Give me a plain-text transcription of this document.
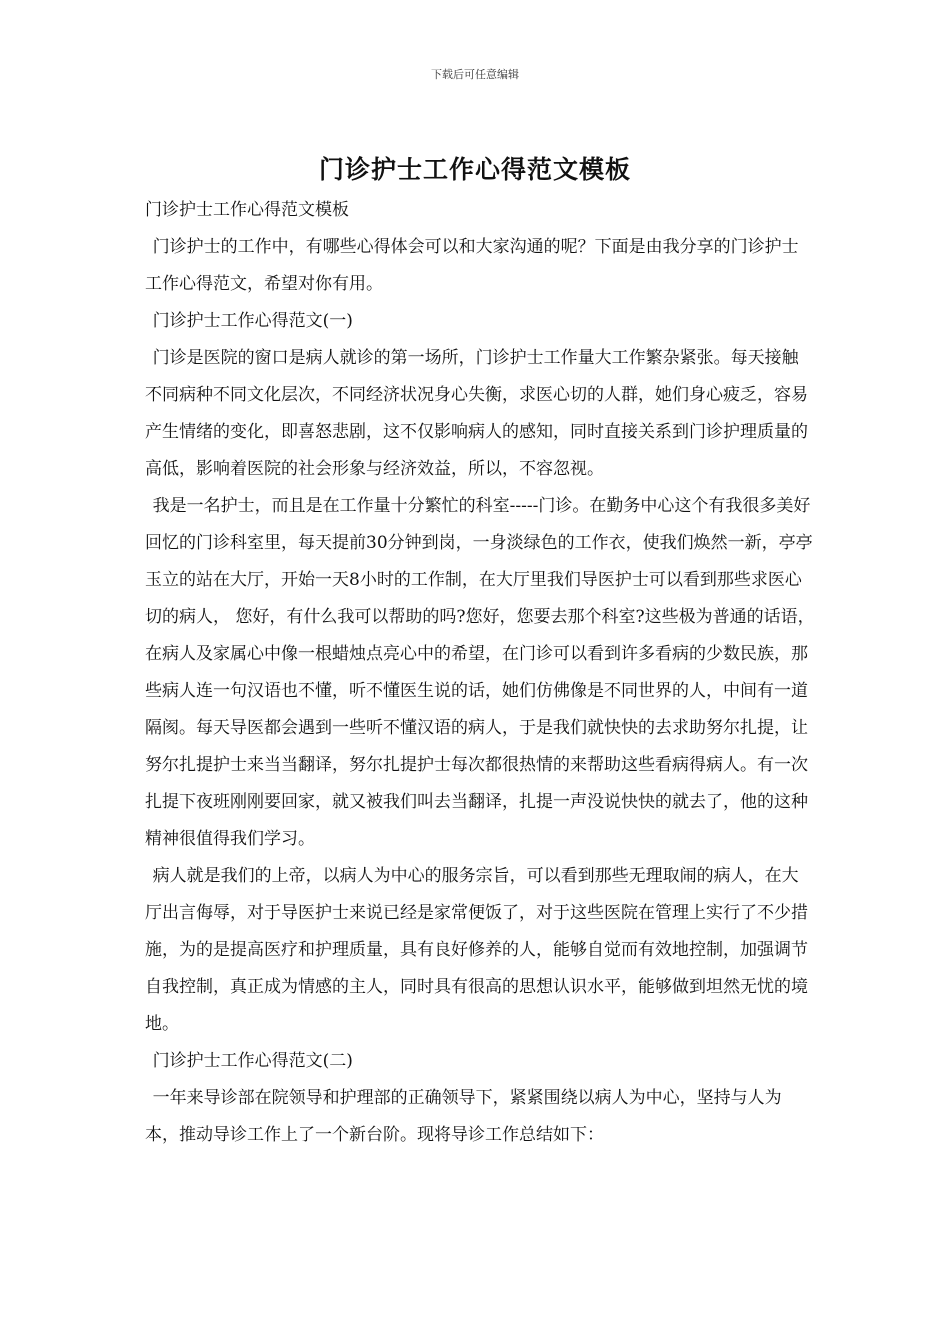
下载后可任意编辑
门诊护士工作心得范文模板

门诊护士工作心得范文模板

门诊护士的工作中，有哪些心得体会可以和大家沟通的呢？下面是由我分享的门诊护士工作心得范文，希望对你有用。

门诊护士工作心得范文(一)

门诊是医院的窗口是病人就诊的第一场所，门诊护士工作量大工作繁杂紧张。每天接触不同病种不同文化层次，不同经济状况身心失衡，求医心切的人群，她们身心疲乏，容易产生情绪的变化，即喜怒悲剧，这不仅影响病人的感知，同时直接关系到门诊护理质量的高低，影响着医院的社会形象与经济效益，所以，不容忽视。

我是一名护士，而且是在工作量十分繁忙的科室-----门诊。在勤务中心这个有我很多美好回忆的门诊科室里，每天提前30分钟到岗，一身淡绿色的工作衣，使我们焕然一新，亭亭玉立的站在大厅，开始一天8小时的工作制，在大厅里我们导医护士可以看到那些求医心切的病人， 您好，有什么我可以帮助的吗?您好，您要去那个科室?这些极为普通的话语，在病人及家属心中像一根蜡烛点亮心中的希望，在门诊可以看到许多看病的少数民族，那些病人连一句汉语也不懂，听不懂医生说的话，她们仿佛像是不同世界的人，中间有一道隔阂。每天导医都会遇到一些听不懂汉语的病人，于是我们就快快的去求助努尔扎提，让努尔扎提护士来当当翻译，努尔扎提护士每次都很热情的来帮助这些看病得病人。有一次扎提下夜班刚刚要回家，就又被我们叫去当翻译，扎提一声没说快快的就去了，他的这种精神很值得我们学习。

病人就是我们的上帝，以病人为中心的服务宗旨，可以看到那些无理取闹的病人，在大厅出言侮辱，对于导医护士来说已经是家常便饭了，对于这些医院在管理上实行了不少措施，为的是提高医疗和护理质量，具有良好修养的人，能够自觉而有效地控制，加强调节自我控制，真正成为情感的主人，同时具有很高的思想认识水平，能够做到坦然无忧的境地。

门诊护士工作心得范文(二)

一年来导诊部在院领导和护理部的正确领导下，紧紧围绕以病人为中心，坚持与人为本，推动导诊工作上了一个新台阶。现将导诊工作总结如下：
